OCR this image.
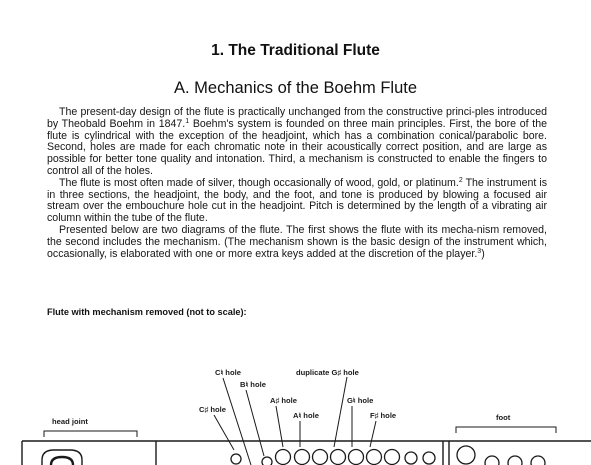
1. The Traditional Flute
A. Mechanics of the Boehm Flute

The present-day design of the flute is practically unchanged from the constructive princi-ples introduced by Theobald Boehm in 1847.$^1$ Boehm's system is founded on three main principles. First, the bore of the flute is cylindrical with the exception of the headjoint, which has a combination conical/parabolic bore. Second, holes are made for each chromatic note in their acoustically correct position, and are large as possible for better tone quality and intonation. Third, a mechanism is constructed to enable the fingers to control all of the holes.

The flute is most often made of silver, though occasionally of wood, gold, or platinum.$^2$ The instrument is in three sections, the headjoint, the body, and the foot, and tone is produced by blowing a focused air stream over the embouchure hole cut in the headjoint. Pitch is determined by the length of a vibrating air column within the tube of the flute.

Presented below are two diagrams of the flute. The first shows the flute with its mecha-nism removed, the second includes the mechanism. (The mechanism shown is the basic design of the instrument which, occasionally, is elaborated with one or more extra keys added at the discretion of the player.$^3$)

Flute with mechanism removed (not to scale):

C♮ hole
B♮ hole
C♯ hole
A♯ hole
A♮ hole
duplicate G♯ hole
G♮ hole
F♯ hole
head joint	foot
